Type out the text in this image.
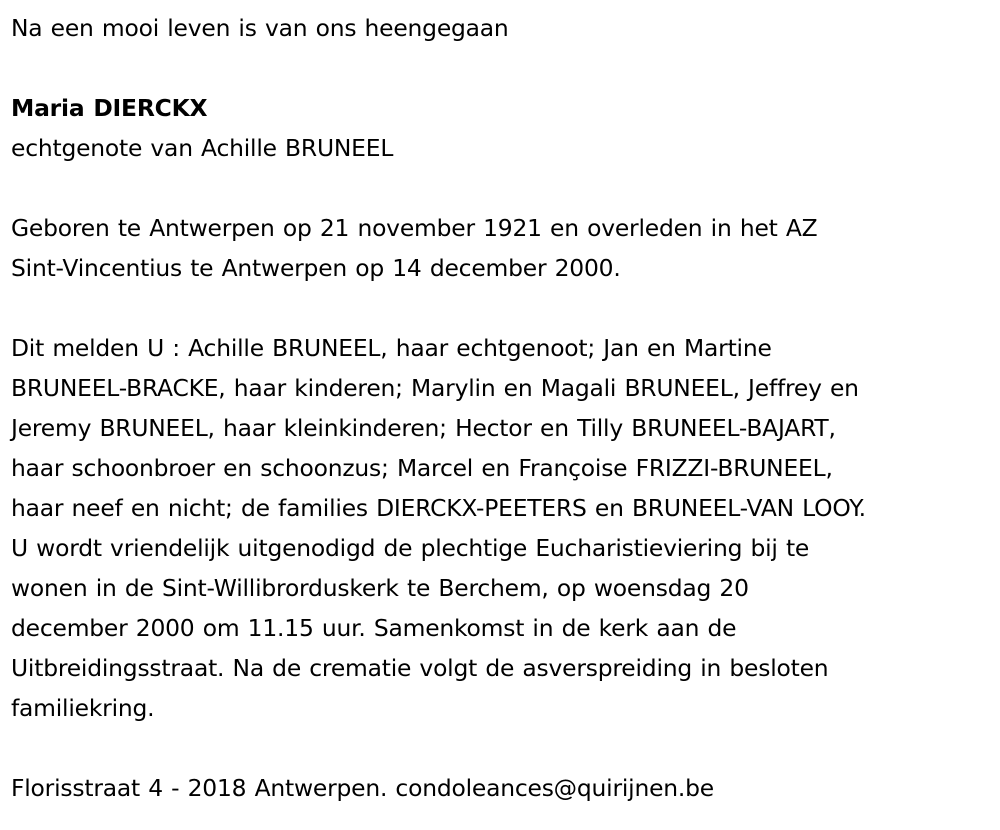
Na een mooi leven is van ons heengegaan
Maria DIERCKX
echtgenote van Achille BRUNEEL
Geboren te Antwerpen op 21 november 1921 en overleden in het AZ
Sint-Vincentius te Antwerpen op 14 december 2000.
Dit melden U : Achille BRUNEEL, haar echtgenoot; Jan en Martine
BRUNEEL-BRACKE, haar kinderen; Marylin en Magali BRUNEEL, Jeffrey en
Jeremy BRUNEEL, haar kleinkinderen; Hector en Tilly BRUNEEL-BAJART,
haar schoonbroer en schoonzus; Marcel en Françoise FRIZZI-BRUNEEL,
haar neef en nicht; de families DIERCKX-PEETERS en BRUNEEL-VAN LOOY.
U wordt vriendelijk uitgenodigd de plechtige Eucharistieviering bij te
wonen in de Sint-Willibrorduskerk te Berchem, op woensdag 20
december 2000 om 11.15 uur. Samenkomst in de kerk aan de
Uitbreidingsstraat. Na de crematie volgt de asverspreiding in besloten
familiekring.
Florisstraat 4 - 2018 Antwerpen. condoleances@quirijnen.be
